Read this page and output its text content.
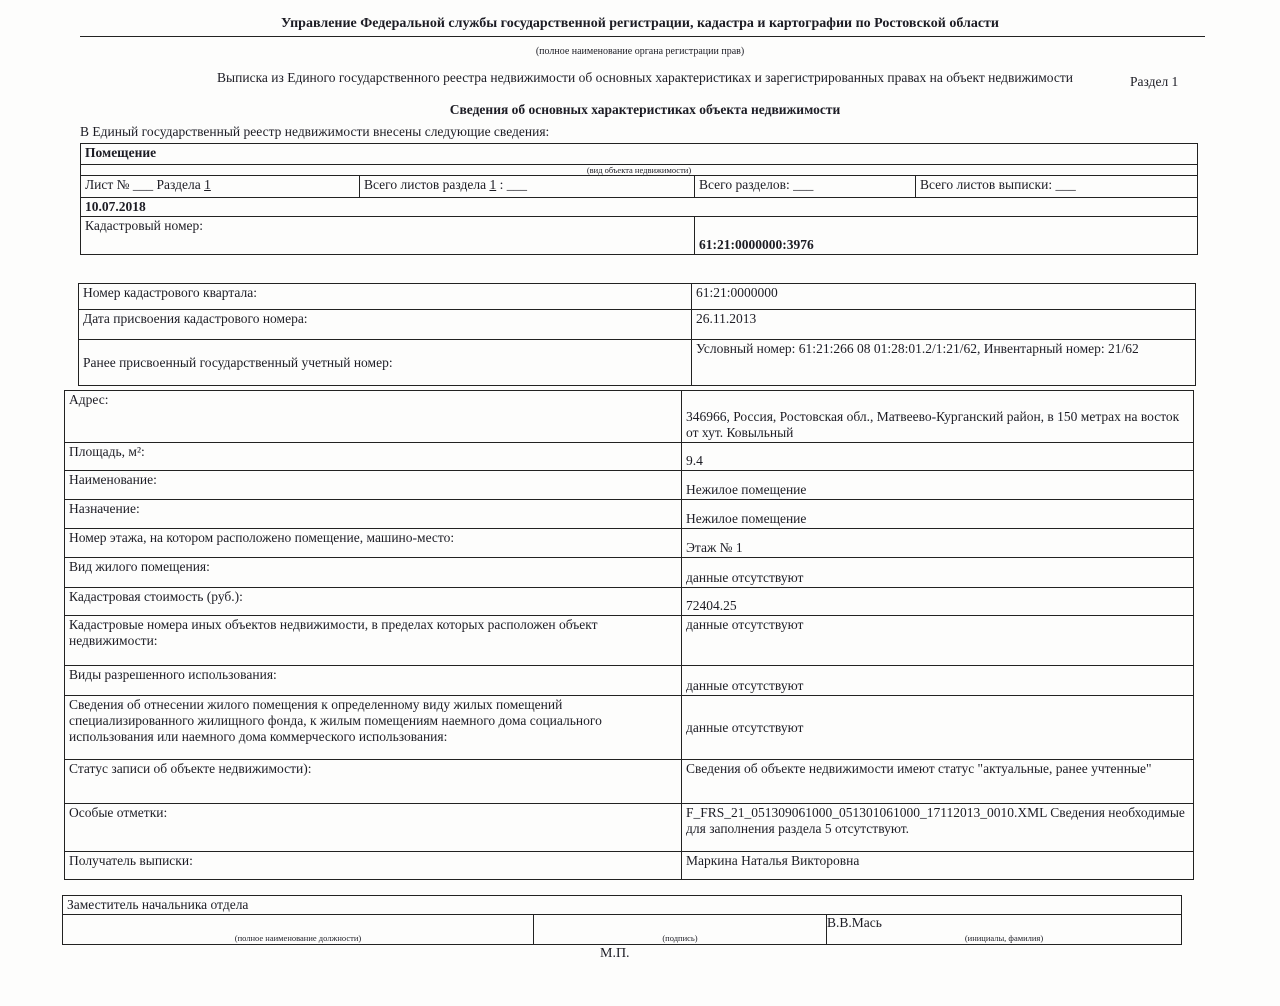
Управление Федеральной службы государственной регистрации, кадастра и картографии по Ростовской области
(полное наименование органа регистрации прав)
Выписка из Единого государственного реестра недвижимости об основных характеристиках и зарегистрированных правах на объект недвижимости
Сведения об основных характеристиках объекта недвижимости
Раздел 1
В Единый государственный реестр недвижимости внесены следующие сведения:
Помещение			
(вид объекта недвижимости)			
Лист № ___ Раздела 1	Всего листов раздела 1 : ___	Всего разделов: ___	Всего листов выписки: ___
10.07.2018			
Кадастровый номер:		61:21:0000000:3976	
Номер кадастрового квартала:	61:21:0000000
Дата присвоения кадастрового номера:	26.11.2013
Ранее присвоенный государственный учетный номер:	Условный номер: 61:21:266 08 01:28:01.2/1:21/62, Инвентарный номер: 21/62
Адрес:	346966, Россия, Ростовская обл., Матвеево-Курганский район, в 150 метрах на восток от хут. Ковыльный
Площадь, м²:	9.4
Наименование:	Нежилое помещение
Назначение:	Нежилое помещение
Номер этажа, на котором расположено помещение, машино-место:	Этаж № 1
Вид жилого помещения:	данные отсутствуют
Кадастровая стоимость (руб.):	72404.25
Кадастровые номера иных объектов недвижимости, в пределах которых расположен объект недвижимости:	данные отсутствуют
Виды разрешенного использования:	данные отсутствуют
Сведения об отнесении жилого помещения к определенному виду жилых помещений специализированного жилищного фонда, к жилым помещениям наемного дома социального использования или наемного дома коммерческого использования:	данные отсутствуют
Статус записи об объекте недвижимости):	Сведения об объекте недвижимости имеют статус "актуальные, ранее учтенные"
Особые отметки:	F_FRS_21_051309061000_051301061000_17112013_0010.XML Сведения необходимые для заполнения раздела 5 отсутствуют.
Получатель выписки:	Маркина Наталья Викторовна
Заместитель начальника отдела
(полное наименование должности)	(подпись)	
В.В.Мась
(инициалы, фамилия)
М.П.
